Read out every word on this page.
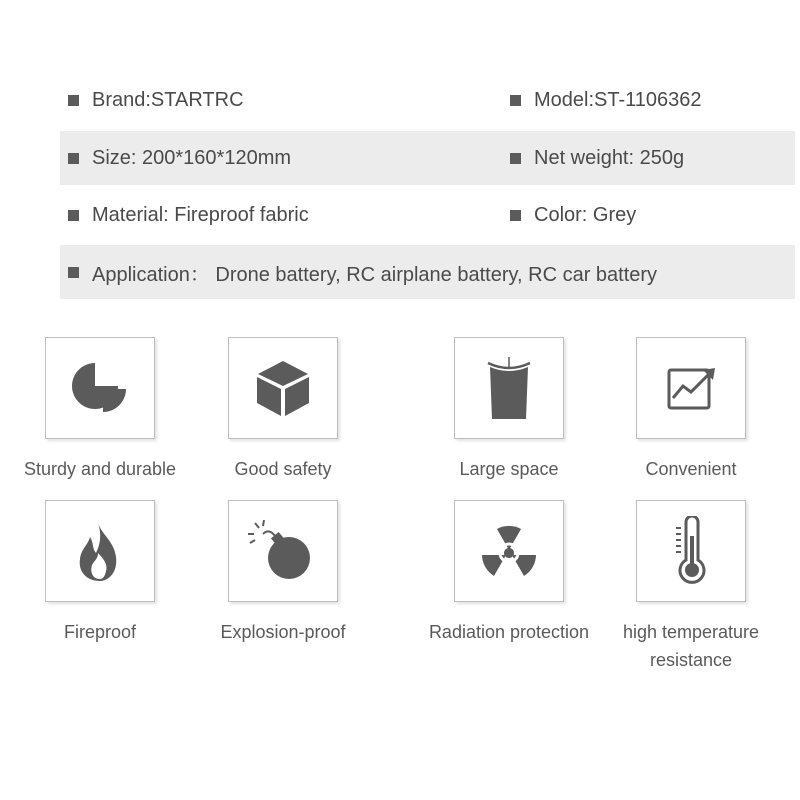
Brand:STARTRC	Model:ST-1106362
Size: 200*160*120mm	Net weight: 250g
Material: Fireproof fabric	Color: Grey
Application： Drone battery, RC airplane battery, RC car battery
Sturdy and durable	Good safety	Large space	Convenient
Fireproof	Explosion-proof	Radiation protection	high temperature resistance
